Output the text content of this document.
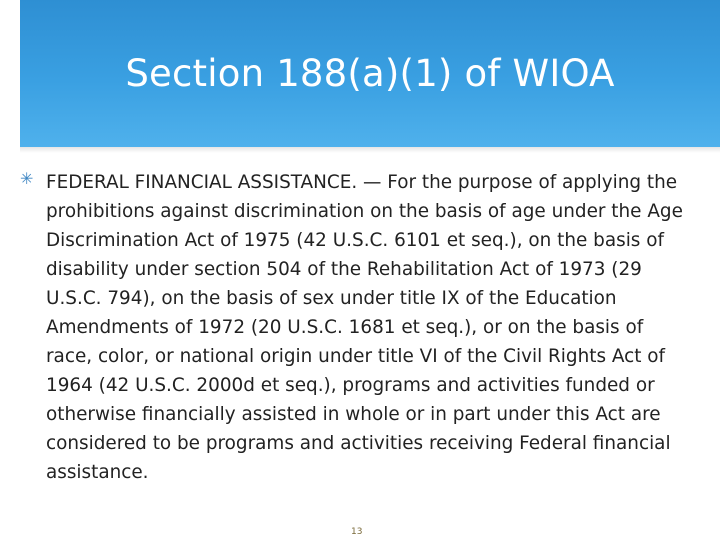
Section 188(a)(1) of WIOA
✳ FEDERAL FINANCIAL ASSISTANCE. — For the purpose of applying the prohibitions against discrimination on the basis of age under the Age Discrimination Act of 1975 (42 U.S.C. 6101 et seq.), on the basis of disability under section 504 of the Rehabilitation Act of 1973 (29 U.S.C. 794), on the basis of sex under title IX of the Education Amendments of 1972 (20 U.S.C. 1681 et seq.), or on the basis of race, color, or national origin under title VI of the Civil Rights Act of 1964 (42 U.S.C. 2000d et seq.), programs and activities funded or otherwise financially assisted in whole or in part under this Act are considered to be programs and activities receiving Federal financial assistance.

13
